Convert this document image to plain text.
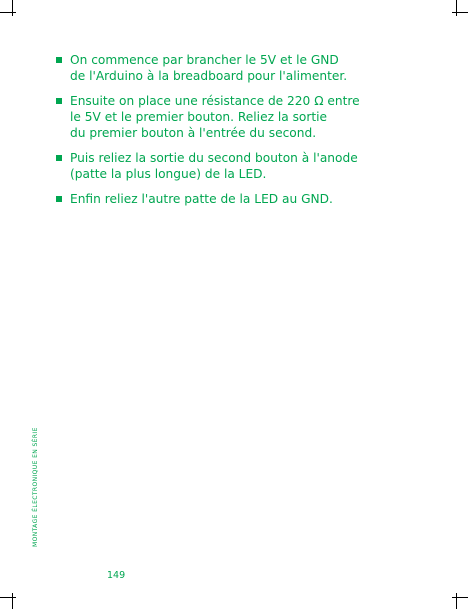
On commence par brancher le 5V et le GND
de l'Arduino à la breadboard pour l'alimenter.
Ensuite on place une résistance de 220 Ω entre
le 5V et le premier bouton. Reliez la sortie
du premier bouton à l'entrée du second.
Puis reliez la sortie du second bouton à l'anode
(patte la plus longue) de la LED.
Enfin reliez l'autre patte de la LED au GND.
MONTAGE ÉLECTRONIQUE EN SÉRIE
149
